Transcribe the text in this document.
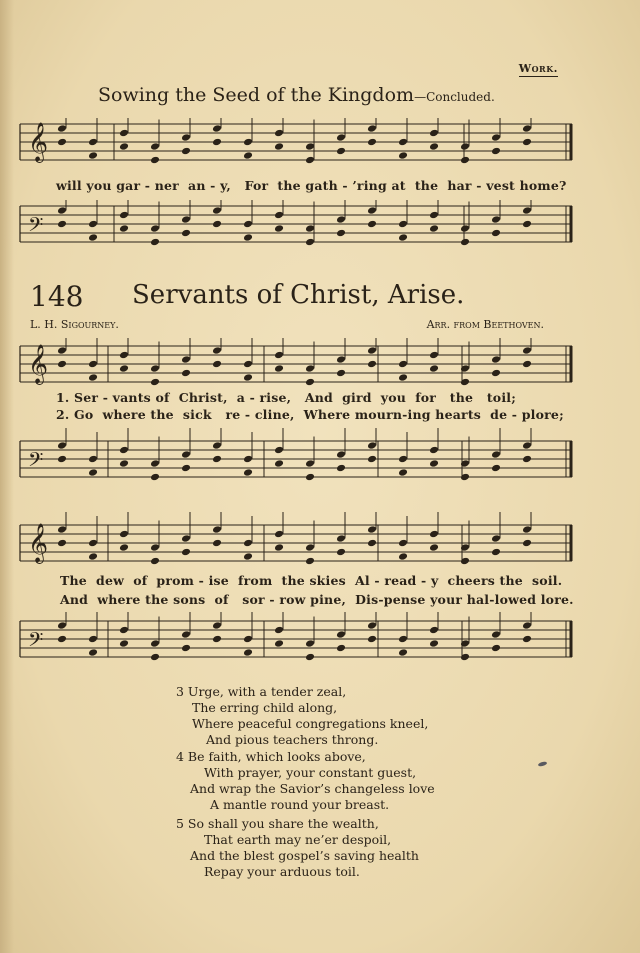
Work.
Sowing the Seed of the Kingdom—Concluded.
𝄞
will you gar - ner  an - y,   For  the gath - ’ring at  the  har - vest home?
𝄢
148 Servants of Christ, Arise.
L. H. Sigourney.	Arr. from Beethoven.
𝄞
1. Ser - vants of  Christ,  a - rise,   And  gird  you  for   the   toil;
2. Go  where the  sick   re - cline,  Where mourn-ing hearts  de - plore;
𝄢
𝄞
The  dew  of  prom - ise  from  the skies  Al - read - y  cheers the  soil.
And  where the sons  of   sor - row pine,  Dis-pense your hal-lowed lore.
𝄢
3 Urge, with a tender zeal,
The erring child along,
Where peaceful congregations kneel,
And pious teachers throng.
4 Be faith, which looks above,
With prayer, your constant guest,
And wrap the Savior’s changeless love
A mantle round your breast.
5 So shall you share the wealth,
That earth may ne’er despoil,
And the blest gospel’s saving health
Repay your arduous toil.
